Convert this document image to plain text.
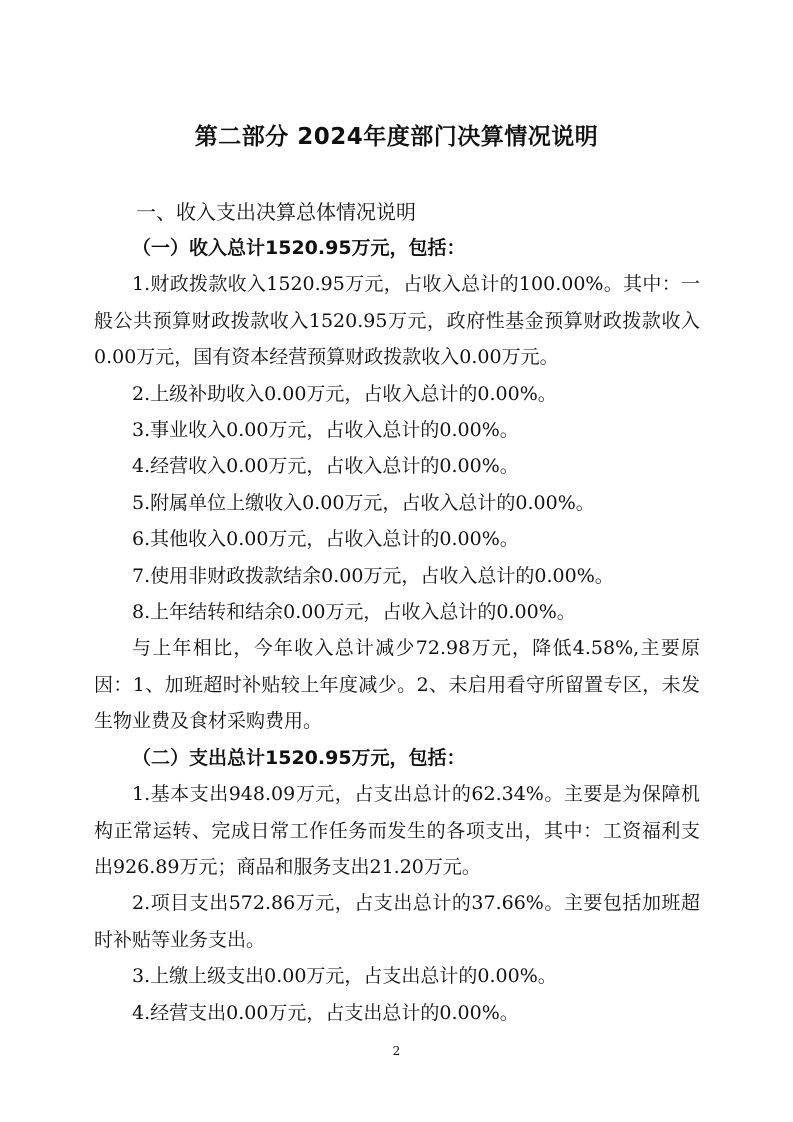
第二部分 2024年度部门决算情况说明
一、收入支出决算总体情况说明

（一）收入总计1520.95万元，包括：

1.财政拨款收入1520.95万元，占收入总计的100.00%。其中：一般公共预算财政拨款收入1520.95万元，政府性基金预算财政拨款收入0.00万元，国有资本经营预算财政拨款收入0.00万元。

2.上级补助收入0.00万元，占收入总计的0.00%。

3.事业收入0.00万元，占收入总计的0.00%。

4.经营收入0.00万元，占收入总计的0.00%。

5.附属单位上缴收入0.00万元，占收入总计的0.00%。

6.其他收入0.00万元，占收入总计的0.00%。

7.使用非财政拨款结余0.00万元，占收入总计的0.00%。

8.上年结转和结余0.00万元，占收入总计的0.00%。

与上年相比，今年收入总计减少72.98万元，降低4.58%,主要原因：1、加班超时补贴较上年度减少。2、未启用看守所留置专区，未发生物业费及食材采购费用。

（二）支出总计1520.95万元，包括：

1.基本支出948.09万元，占支出总计的62.34%。主要是为保障机构正常运转、完成日常工作任务而发生的各项支出，其中：工资福利支出926.89万元；商品和服务支出21.20万元。

2.项目支出572.86万元，占支出总计的37.66%。主要包括加班超时补贴等业务支出。

3.上缴上级支出0.00万元，占支出总计的0.00%。

4.经营支出0.00万元，占支出总计的0.00%。

2
